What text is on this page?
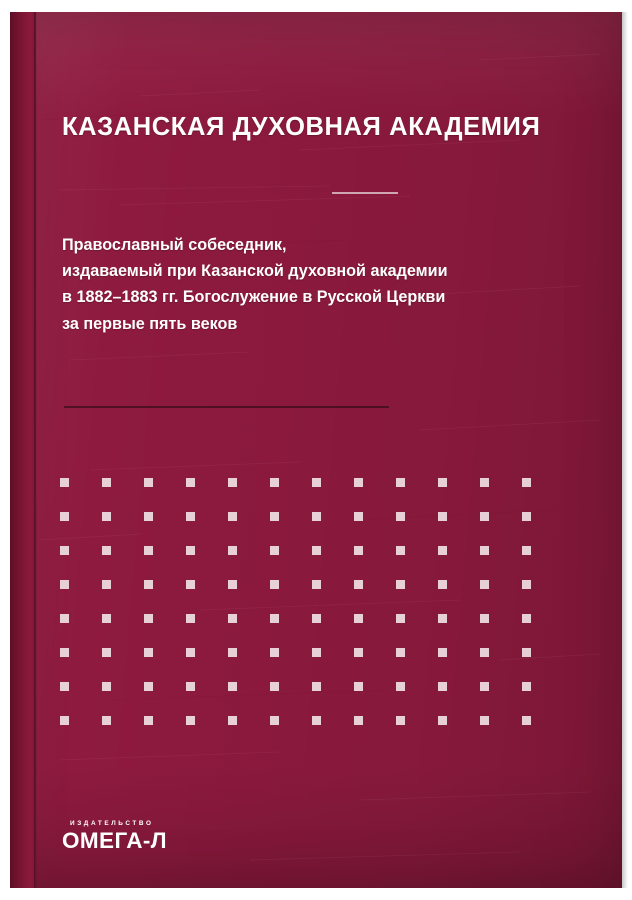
КАЗАНСКАЯ ДУХОВНАЯ АКАДЕМИЯ
Православный собеседник,
издаваемый при Казанской духовной академии
в 1882–1883 гг. Богослужение в Русской Церкви
за первые пять веков
ИЗДАТЕЛЬСТВО
ОМЕГА-Л
